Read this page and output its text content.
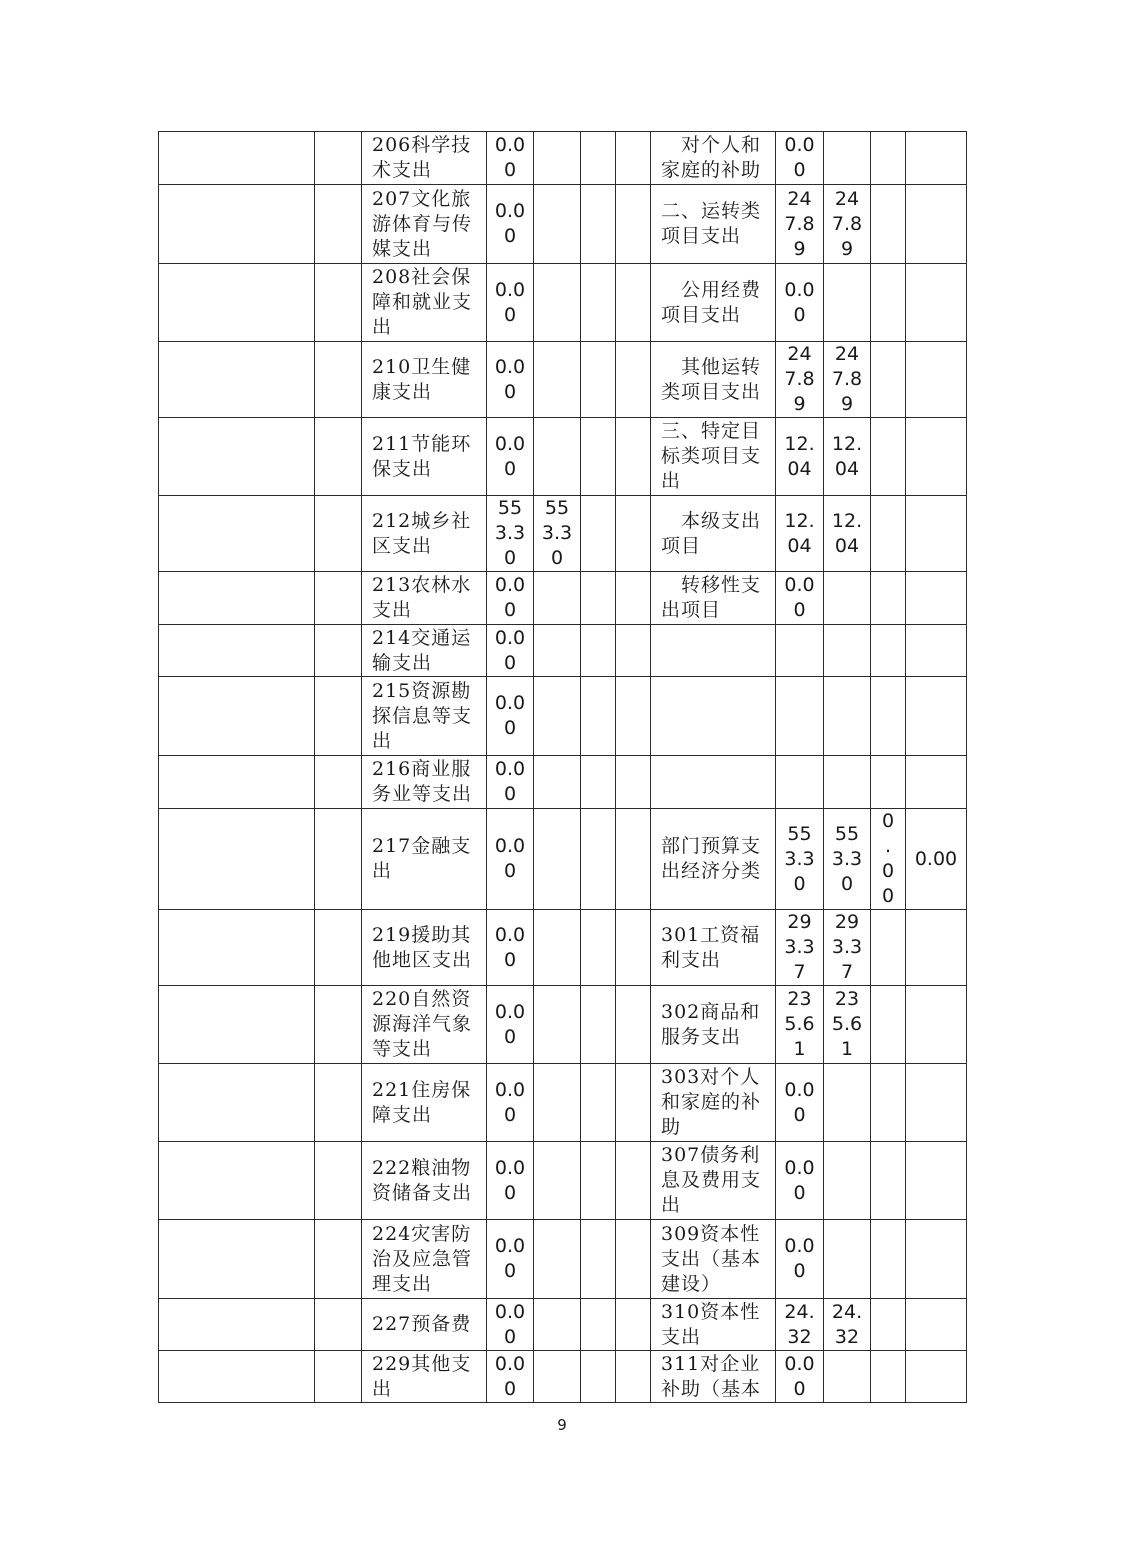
		206科学技
术支出	0.0
0				　对个人和
家庭的补助	0.0
0			

		207文化旅
游体育与传
媒支出	0.0
0				二、运转类
项目支出	24
7.8
9	24
7.8
9		

		208社会保
障和就业支
出	0.0
0				　公用经费
项目支出	0.0
0			

		210卫生健
康支出	0.0
0				　其他运转
类项目支出	24
7.8
9	24
7.8
9		

		211节能环
保支出	0.0
0				三、特定目
标类项目支
出	12.
04	12.
04		

		212城乡社
区支出	55
3.3
0	55
3.3
0			　本级支出
项目	12.
04	12.
04		

		213农林水
支出	0.0
0				　转移性支
出项目	0.0
0			

		214交通运
输支出	0.0
0								

		215资源勘
探信息等支
出	0.0
0								

		216商业服
务业等支出	0.0
0								

		217金融支
出	0.0
0				部门预算支
出经济分类	55
3.3
0	55
3.3
0	0
.
0
0	0.00

		219援助其
他地区支出	0.0
0				301工资福
利支出	29
3.3
7	29
3.3
7		

		220自然资
源海洋气象
等支出	0.0
0				302商品和
服务支出	23
5.6
1	23
5.6
1		

		221住房保
障支出	0.0
0				303对个人
和家庭的补
助	0.0
0			

		222粮油物
资储备支出	0.0
0				307债务利
息及费用支
出	0.0
0			

		224灾害防
治及应急管
理支出	0.0
0				309资本性
支出（基本
建设）	0.0
0			

		227预备费	0.0
0				310资本性
支出	24.
32	24.
32		

		229其他支
出	0.0
0				311对企业
补助（基本	0.0
0			

9
